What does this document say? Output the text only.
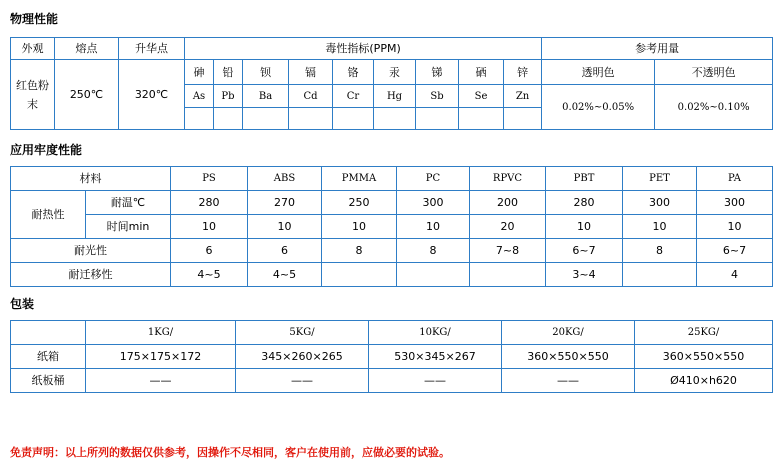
物理性能
外观	熔点	升华点	毒性指标(PPM)									参考用量	
红色粉末	250℃	320℃	砷	铅	钡	镉	铬	汞	锑	硒	锌	透明色	不透明色
			As	Pb	Ba	Cd	Cr	Hg	Sb	Se	Zn	0.02%~0.05%	0.02%~0.10%

应用牢度性能
材料		PS	ABS	PMMA	PC	RPVC	PBT	PET	PA
耐热性	耐温℃	280	270	250	300	200	280	300	300
	时间min	10	10	10	10	20	10	10	10
耐光性		6	6	8	8	7~8	6~7	8	6~7
耐迁移性		4~5	4~5				3~4		4
包装
	1KG/	5KG/	10KG/	20KG/	25KG/
纸箱	175×175×172	345×260×265	530×345×267	360×550×550	360×550×550
纸板桶	——	——	——	——	Ø410×h620
免责声明：以上所列的数据仅供参考，因操作不尽相同，客户在使用前，应做必要的试验。
